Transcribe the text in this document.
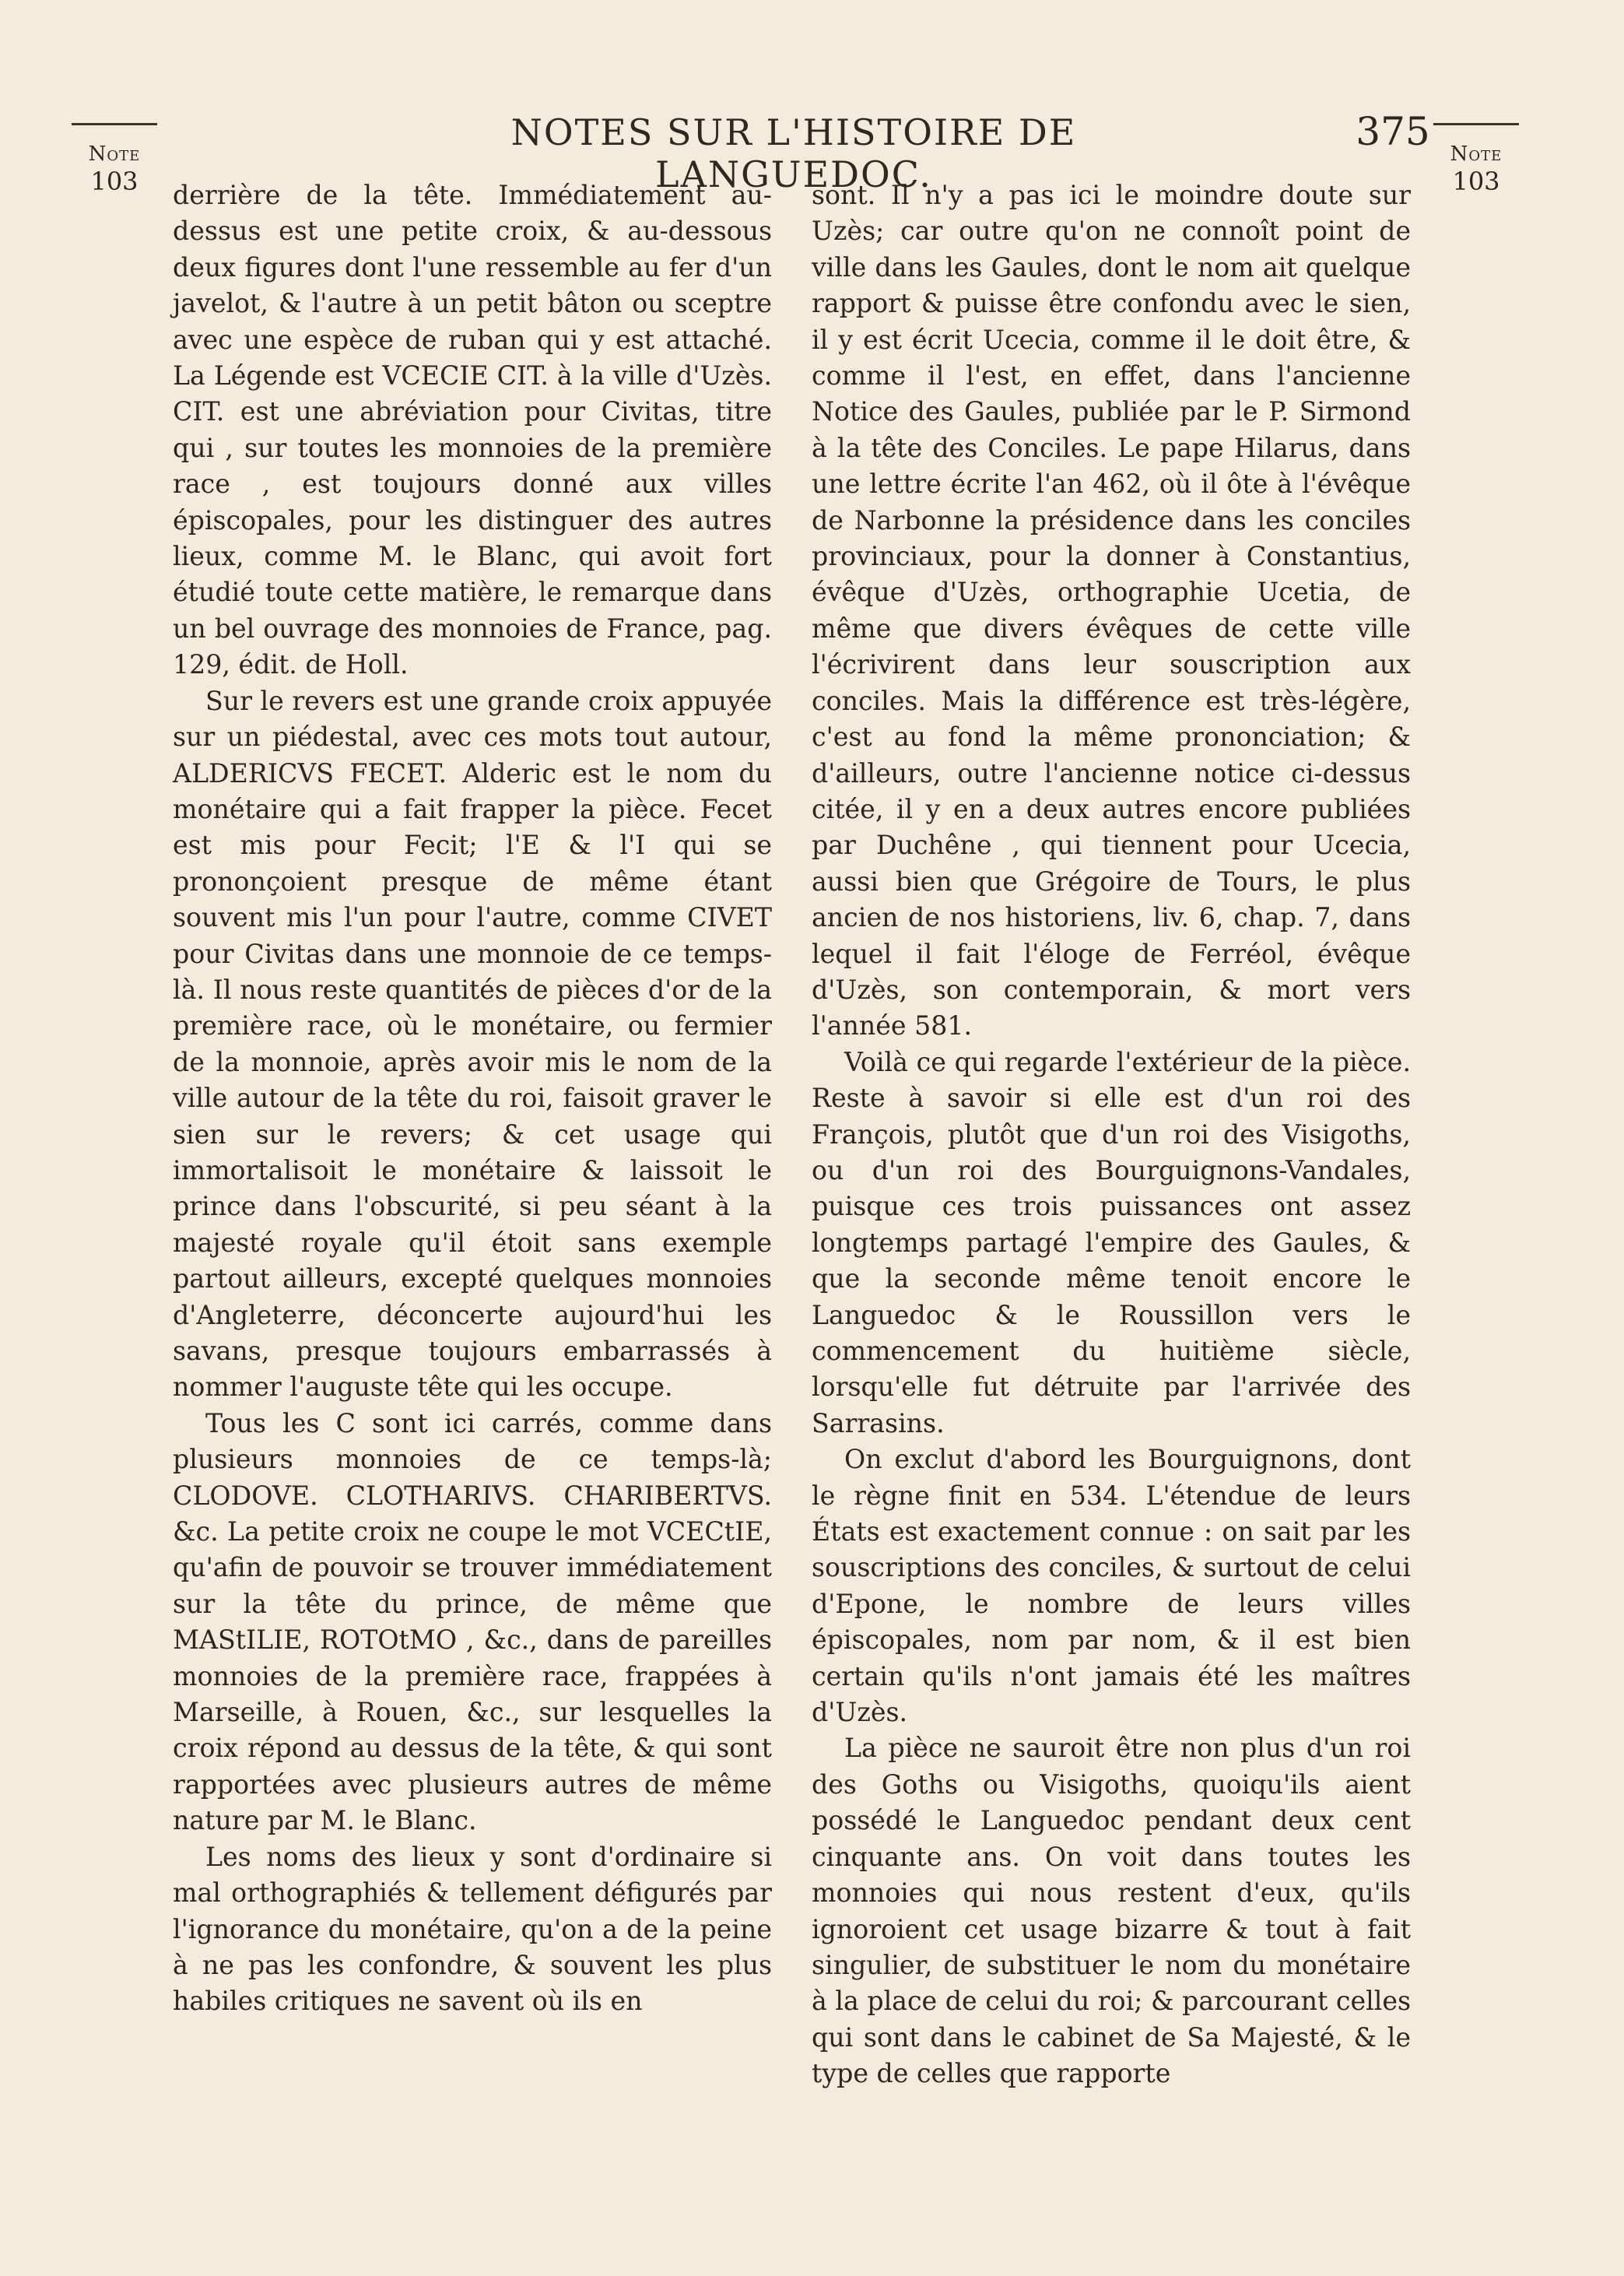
NOTES SUR L'HISTOIRE DE LANGUEDOC.
375
Note
103
Note
103

derrière de la tête. Immédiatement au-dessus est une petite croix, & au-dessous deux figures dont l'une ressemble au fer d'un javelot, & l'autre à un petit bâton ou sceptre avec une espèce de ruban qui y est attaché. La Légende est VCECIE CIT. à la ville d'Uzès. CIT. est une abréviation pour Civitas, titre qui , sur toutes les monnoies de la première race , est toujours donné aux villes épiscopales, pour les distinguer des autres lieux, comme M. le Blanc, qui avoit fort étudié toute cette matière, le remarque dans un bel ouvrage des monnoies de France, pag. 129, édit. de Holl.

Sur le revers est une grande croix appuyée sur un piédestal, avec ces mots tout autour, ALDERICVS FECET. Alderic est le nom du monétaire qui a fait frapper la pièce. Fecet est mis pour Fecit; l'E & l'I qui se prononçoient presque de même étant souvent mis l'un pour l'autre, comme CIVET pour Civitas dans une monnoie de ce temps-là. Il nous reste quantités de pièces d'or de la première race, où le monétaire, ou fermier de la monnoie, après avoir mis le nom de la ville autour de la tête du roi, faisoit graver le sien sur le revers; & cet usage qui immortalisoit le monétaire & laissoit le prince dans l'obscurité, si peu séant à la majesté royale qu'il étoit sans exemple partout ailleurs, excepté quelques monnoies d'Angleterre, déconcerte aujourd'hui les savans, presque toujours embarrassés à nommer l'auguste tête qui les occupe.

Tous les C sont ici carrés, comme dans plusieurs monnoies de ce temps-là; CLODOVE. CLOTHARIVS. CHARIBERTVS. &c. La petite croix ne coupe le mot VCECtIE, qu'afin de pouvoir se trouver immédiatement sur la tête du prince, de même que MAStILIE, ROTOtMO , &c., dans de pareilles monnoies de la première race, frappées à Marseille, à Rouen, &c., sur lesquelles la croix répond au dessus de la tête, & qui sont rapportées avec plusieurs autres de même nature par M. le Blanc.

Les noms des lieux y sont d'ordinaire si mal orthographiés & tellement défigurés par l'ignorance du monétaire, qu'on a de la peine à ne pas les confondre, & souvent les plus habiles critiques ne savent où ils en

sont. Il n'y a pas ici le moindre doute sur Uzès; car outre qu'on ne connoît point de ville dans les Gaules, dont le nom ait quelque rapport & puisse être confondu avec le sien, il y est écrit Ucecia, comme il le doit être, & comme il l'est, en effet, dans l'ancienne Notice des Gaules, publiée par le P. Sirmond à la tête des Conciles. Le pape Hilarus, dans une lettre écrite l'an 462, où il ôte à l'évêque de Narbonne la présidence dans les conciles provinciaux, pour la donner à Constantius, évêque d'Uzès, orthographie Ucetia, de même que divers évêques de cette ville l'écrivirent dans leur souscription aux conciles. Mais la différence est très-légère, c'est au fond la même prononciation; & d'ailleurs, outre l'ancienne notice ci-dessus citée, il y en a deux autres encore publiées par Duchêne , qui tiennent pour Ucecia, aussi bien que Grégoire de Tours, le plus ancien de nos historiens, liv. 6, chap. 7, dans lequel il fait l'éloge de Ferréol, évêque d'Uzès, son contemporain, & mort vers l'année 581.

Voilà ce qui regarde l'extérieur de la pièce. Reste à savoir si elle est d'un roi des François, plutôt que d'un roi des Visigoths, ou d'un roi des Bourguignons-Vandales, puisque ces trois puissances ont assez longtemps partagé l'empire des Gaules, & que la seconde même tenoit encore le Languedoc & le Roussillon vers le commencement du huitième siècle, lorsqu'elle fut détruite par l'arrivée des Sarrasins.

On exclut d'abord les Bourguignons, dont le règne finit en 534. L'étendue de leurs États est exactement connue : on sait par les souscriptions des conciles, & surtout de celui d'Epone, le nombre de leurs villes épiscopales, nom par nom, & il est bien certain qu'ils n'ont jamais été les maîtres d'Uzès.

La pièce ne sauroit être non plus d'un roi des Goths ou Visigoths, quoiqu'ils aient possédé le Languedoc pendant deux cent cinquante ans. On voit dans toutes les monnoies qui nous restent d'eux, qu'ils ignoroient cet usage bizarre & tout à fait singulier, de substituer le nom du monétaire à la place de celui du roi; & parcourant celles qui sont dans le cabinet de Sa Majesté, & le type de celles que rapporte
